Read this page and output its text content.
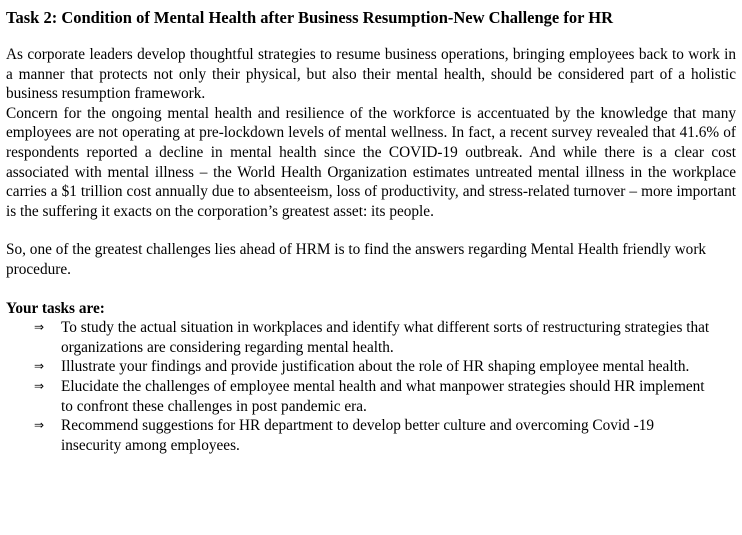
Task 2: Condition of Mental Health after Business Resumption-New Challenge for HR

As corporate leaders develop thoughtful strategies to resume business operations, bringing employees back to work in a manner that protects not only their physical, but also their mental health, should be considered part of a holistic business resumption framework.

Concern for the ongoing mental health and resilience of the workforce is accentuated by the knowledge that many employees are not operating at pre-lockdown levels of mental wellness. In fact, a recent survey revealed that 41.6% of respondents reported a decline in mental health since the COVID-19 outbreak. And while there is a clear cost associated with mental illness – the World Health Organization estimates untreated mental illness in the workplace carries a $1 trillion cost annually due to absenteeism, loss of productivity, and stress-related turnover – more important is the suffering it exacts on the corporation’s greatest asset: its people.

So, one of the greatest challenges lies ahead of HRM is to find the answers regarding Mental Health friendly work procedure.

Your tasks are:
⇒ To study the actual situation in workplaces and identify what different sorts of restructuring strategies that organizations are considering regarding mental health.
⇒ Illustrate your findings and provide justification about the role of HR shaping employee mental health.
⇒ Elucidate the challenges of employee mental health and what manpower strategies should HR implement to confront these challenges in post pandemic era.
⇒ Recommend suggestions for HR department to develop better culture and overcoming Covid -19 insecurity among employees.
